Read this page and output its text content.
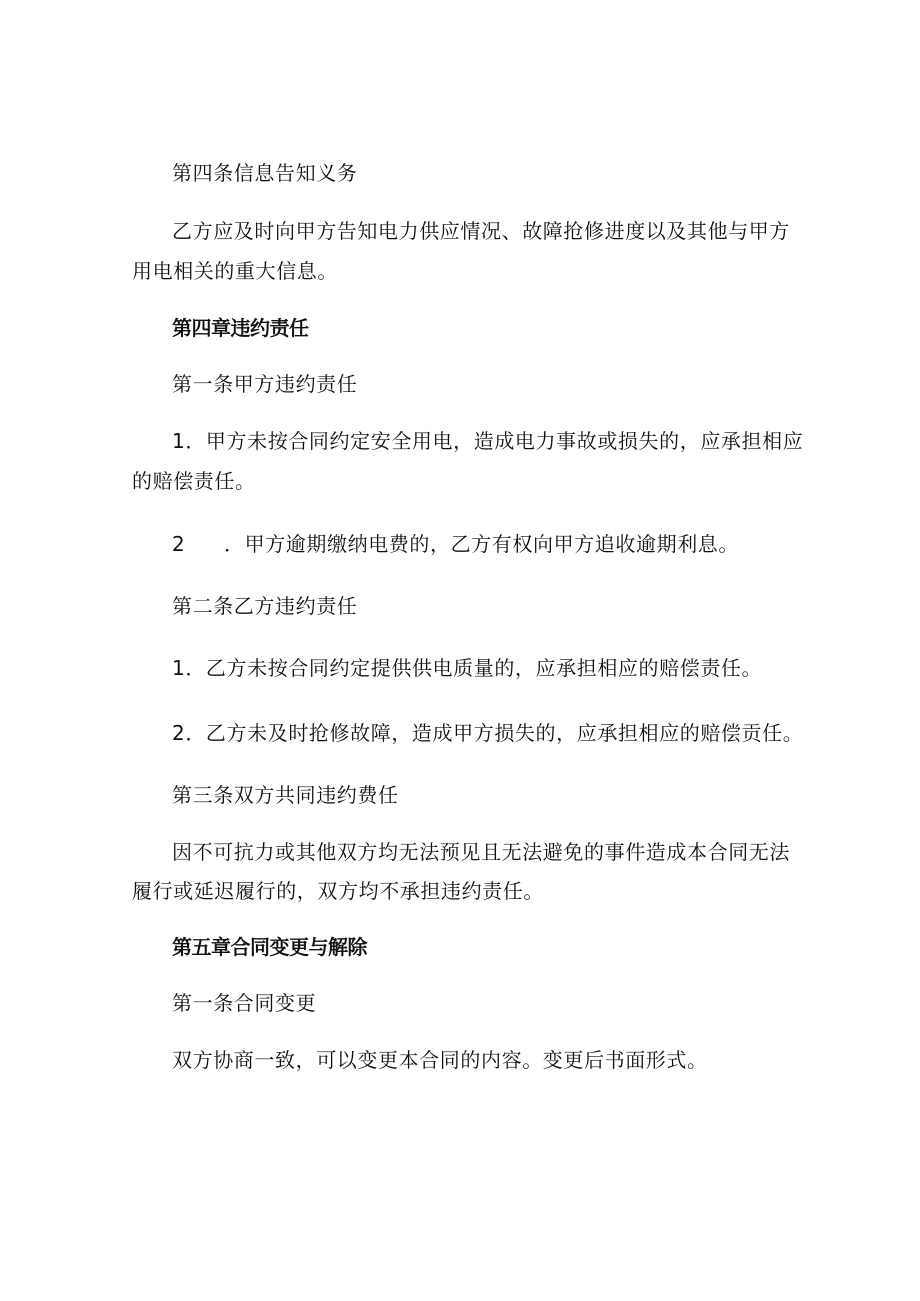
第四条信息告知义务
乙方应及时向甲方告知电力供应情况、故障抢修进度以及其他与甲方
用电相关的重大信息。
第四章违约责任
第一条甲方违约责任
1．甲方未按合同约定安全用电，造成电力事故或损失的，应承担相应
的赔偿责任。
2 ．甲方逾期缴纳电费的，乙方有权向甲方追收逾期利息。
第二条乙方违约责任
1．乙方未按合同约定提供供电质量的，应承担相应的赔偿责任。
2．乙方未及时抢修故障，造成甲方损失的，应承担相应的赔偿贡任。
第三条双方共同违约费任
因不可抗力或其他双方均无法预见且无法避免的事件造成本合同无法
履行或延迟履行的，双方均不承担违约责任。
第五章合同变更与解除
第一条合同变更
双方协商一致，可以变更本合同的内容。变更后书面形式。
